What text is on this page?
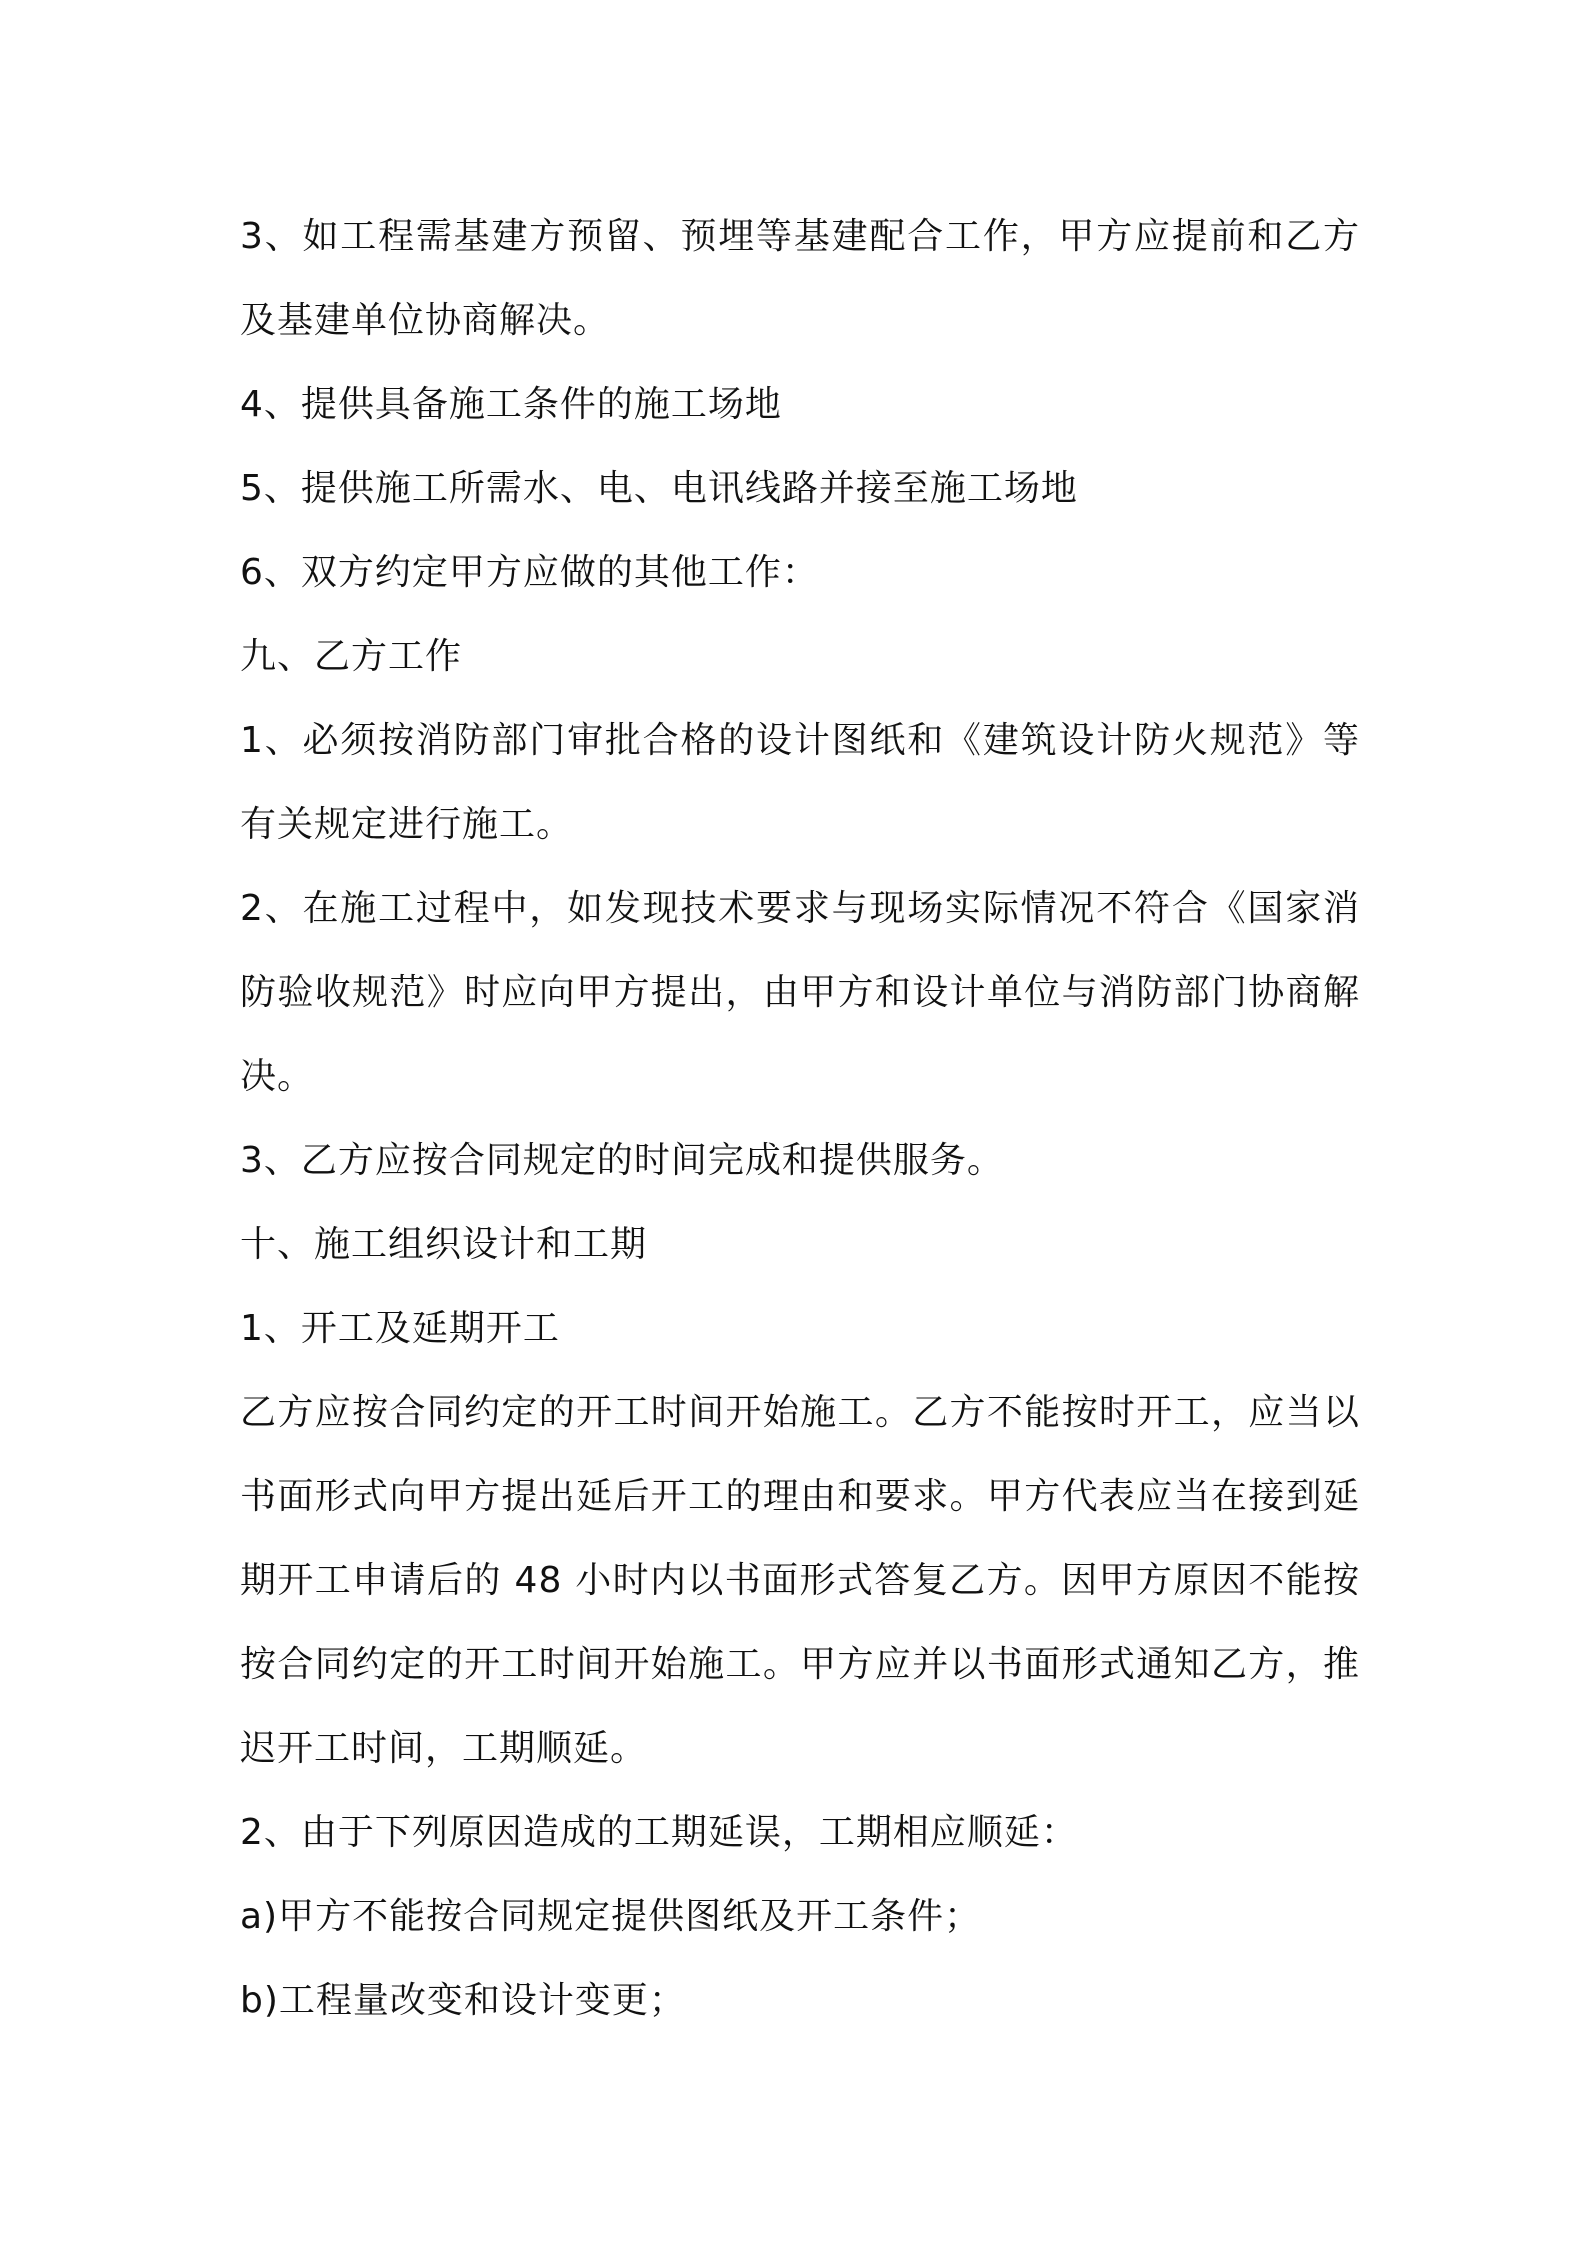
3、如工程需基建方预留、预埋等基建配合工作，甲方应提前和乙方及基建单位协商解决。

4、提供具备施工条件的施工场地

5、提供施工所需水、电、电讯线路并接至施工场地

6、双方约定甲方应做的其他工作：

九、乙方工作

1、必须按消防部门审批合格的设计图纸和《建筑设计防火规范》等有关规定进行施工。

2、在施工过程中，如发现技术要求与现场实际情况不符合《国家消防验收规范》时应向甲方提出，由甲方和设计单位与消防部门协商解决。

3、乙方应按合同规定的时间完成和提供服务。

十、施工组织设计和工期

1、开工及延期开工

乙方应按合同约定的开工时间开始施工。乙方不能按时开工，应当以书面形式向甲方提出延后开工的理由和要求。甲方代表应当在接到延期开工申请后的 48 小时内以书面形式答复乙方。因甲方原因不能按按合同约定的开工时间开始施工。甲方应并以书面形式通知乙方，推迟开工时间，工期顺延。

2、由于下列原因造成的工期延误，工期相应顺延：

a)甲方不能按合同规定提供图纸及开工条件；

b)工程量改变和设计变更；
